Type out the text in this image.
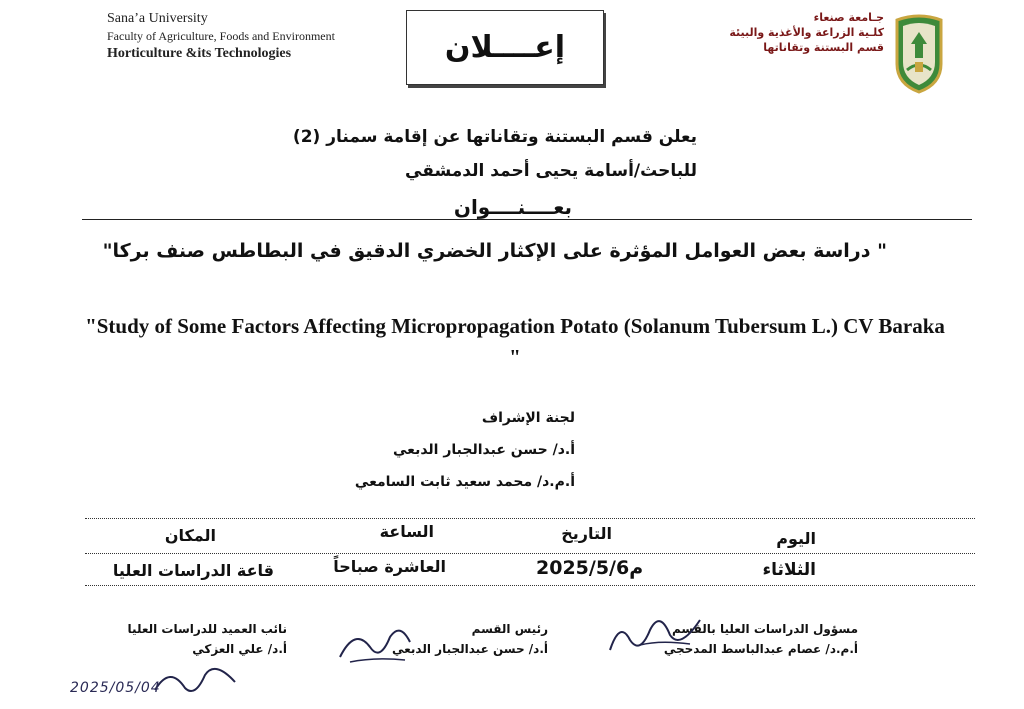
Sana’a University
Faculty of Agriculture, Foods and Environment
Horticulture &its Technologies	إعــــلان
جـامعة صنعاء
كلـية الزراعة والأغذية والبيئة
قسم البستنة وتقاناتها
يعلن قسم البستنة وتقاناتها عن إقامة سمنار (2)
للباحث/أسامة يحيى أحمد الدمشقي
بعــــنــــوان
" دراسة بعض العوامل المؤثرة على الإكثار الخضري الدقيق في البطاطس صنف بركا"
"Study of Some Factors Affecting Micropropagation Potato (Solanum Tubersum L.) CV Baraka "
لجنة الإشراف
أ.د/ حسن عبدالجبار الدبعي
أ.م.د/ محمد سعيد ثابت السامعي
اليوم
التاريخ
الساعة
المكان
الثلاثاء
2025/5/6م
العاشرة صباحاً
قاعة الدراسات العليا
مسؤول الدراسات العليا بالقسم
أ.م.د/ عصام عبدالباسط المدحجي
رئيس القسم
أ.د/ حسن عبدالجبار الدبعي
نائب العميد للدراسات العليا
أ.د/ علي العزكي
2025/05/04
